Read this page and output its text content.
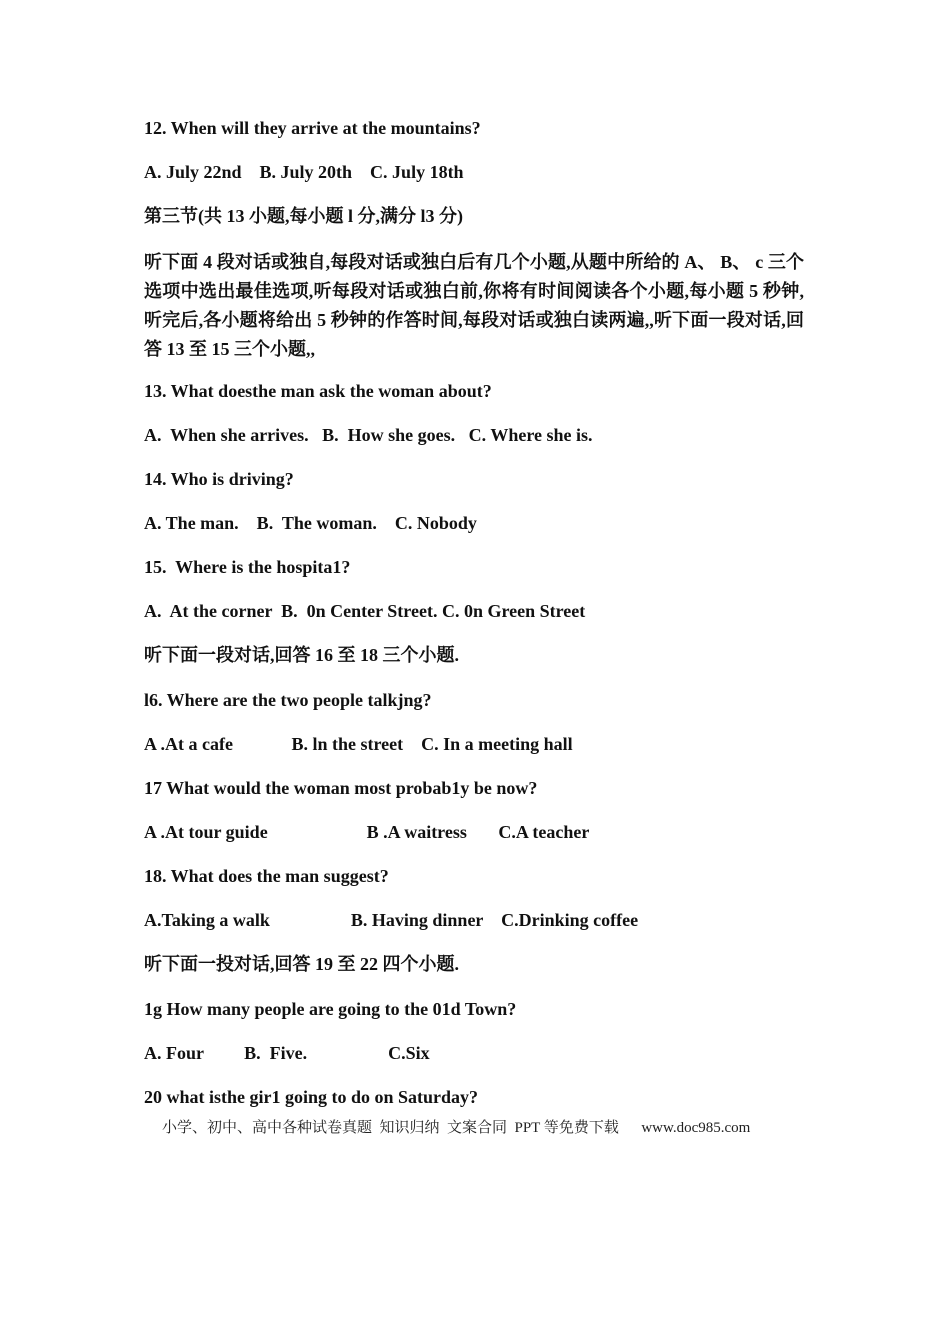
12. When will they arrive at the mountains?

A. July 22nd    B. July 20th    C. July 18th

第三节(共 13 小题,每小题 l 分,满分 l3 分)

听下面 4 段对话或独自,每段对话或独白后有几个小题,从题中所给的 A、 B、 c 三个选项中选出最佳选项,听每段对话或独白前,你将有时间阅读各个小题,每小题 5 秒钟, 听完后,各小题将给出 5 秒钟的作答时间,每段对话或独白读两遍,,听下面一段对话,回答 13 至 15 三个小题,,

13. What doesthe man ask the woman about?

A.  When she arrives.   B.  How she goes.   C. Where she is.

14. Who is driving?

A. The man.    B.  The woman.    C. Nobody

15.  Where is the hospita1?

A.  At the corner  B.  0n Center Street. C. 0n Green Street

听下面一段对话,回答 16 至 18 三个小题.

l6. Where are the two people talkjng?

A .At a cafe             B. ln the street    C. In a meeting hall

17 What would the woman most probab1y be now?

A .At tour guide                      B .A waitress       C.A teacher

18. What does the man suggest?

A.Taking a walk                  B. Having dinner    C.Drinking coffee

听下面一投对话,回答 19 至 22 四个小题.

1g How many people are going to the 01d Town?

A. Four         B.  Five.                  C.Six

20 what isthe gir1 going to do on Saturday?

小学、初中、高中各种试卷真题  知识归纳  文案合同  PPT 等免费下载      www.doc985.com
